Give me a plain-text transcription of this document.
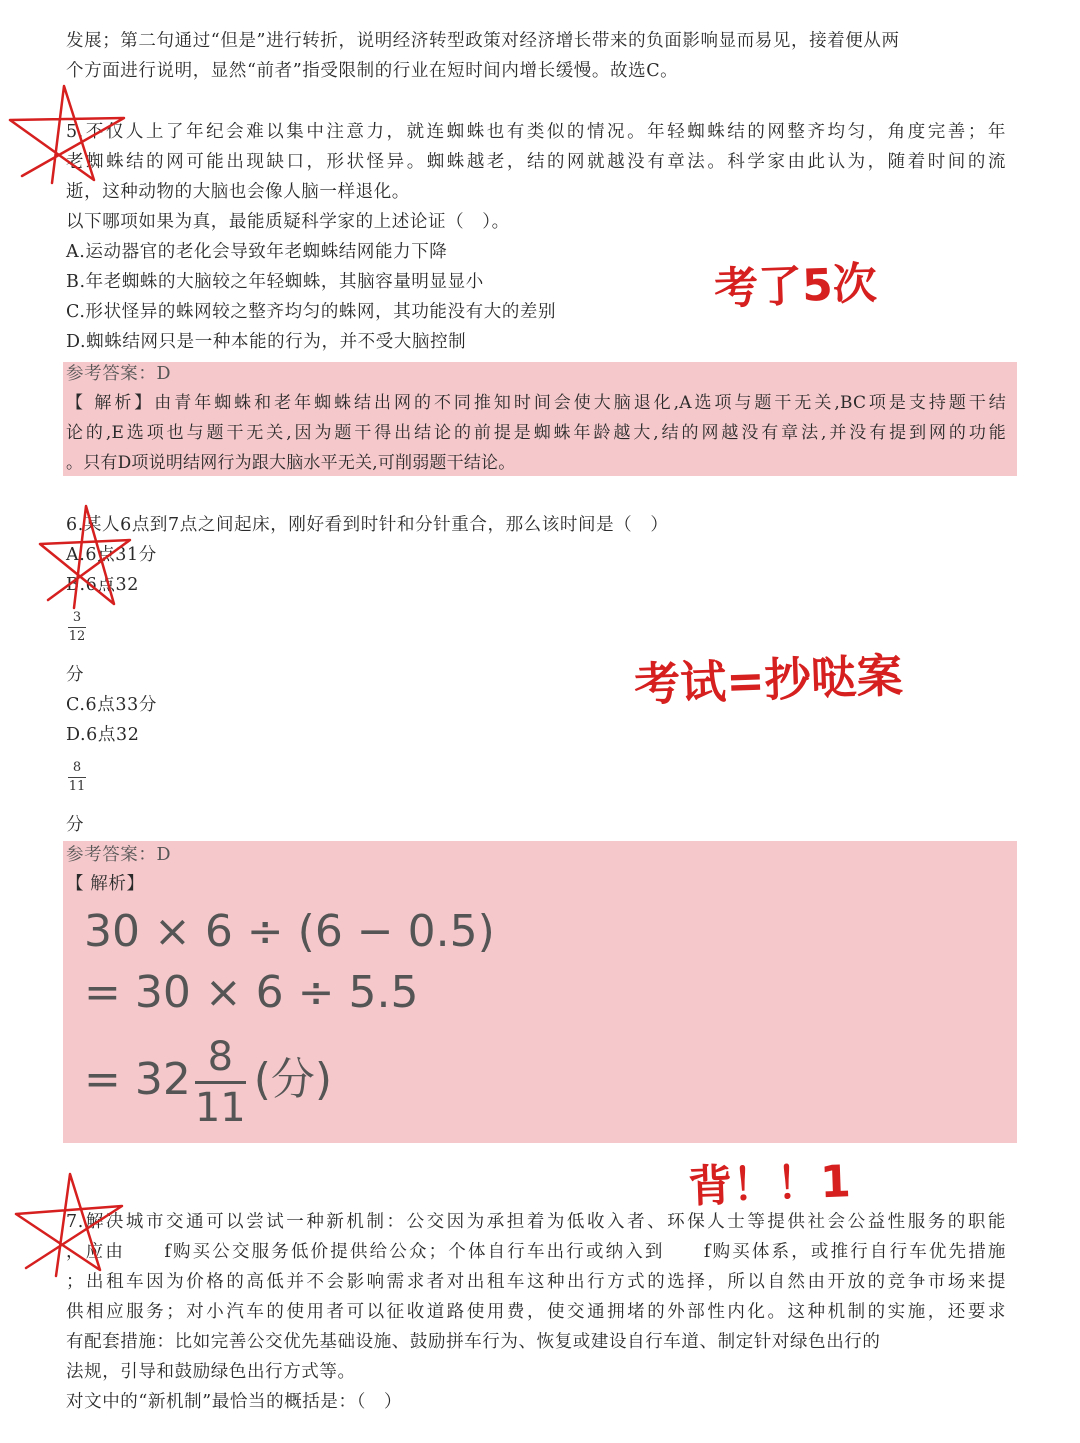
发展；第二句通过“但是”进行转折，说明经济转型政策对经济增长带来的负面影响显而易见，接着便从两
个方面进行说明，显然“前者”指受限制的行业在短时间内增长缓慢。故选C。
5.不仅人上了年纪会难以集中注意力，就连蜘蛛也有类似的情况。年轻蜘蛛结的网整齐均匀，角度完善；年
老蜘蛛结的网可能出现缺口，形状怪异。蜘蛛越老，结的网就越没有章法。科学家由此认为，随着时间的流
逝，这种动物的大脑也会像人脑一样退化。
以下哪项如果为真，最能质疑科学家的上述论证（　）。
A.运动器官的老化会导致年老蜘蛛结网能力下降
B.年老蜘蛛的大脑较之年轻蜘蛛，其脑容量明显显小
C.形状怪异的蛛网较之整齐均匀的蛛网，其功能没有大的差别
D.蜘蛛结网只是一种本能的行为，并不受大脑控制
参考答案：D
【 解析】由青年蜘蛛和老年蜘蛛结出网的不同推知时间会使大脑退化,A选项与题干无关,BC项是支持题干结
论的,E选项也与题干无关,因为题干得出结论的前提是蜘蛛年龄越大,结的网越没有章法,并没有提到网的功能
。只有D项说明结网行为跟大脑水平无关,可削弱题干结论。
6.某人6点到7点之间起床，刚好看到时针和分针重合，那么该时间是（　）
A.6点31分
B.6点32
3
12
分
C.6点33分
D.6点32
8
11
分
参考答案：D
【 解析】
30 × 6 ÷ (6 − 0.5)
= 30 × 6 ÷ 5.5
= $32 \frac{8}{11}$ (分)
7.解决城市交通可以尝试一种新机制：公交因为承担着为低收入者、环保人士等提供社会公益性服务的职能
，应由　　f购买公交服务低价提供给公众；个体自行车出行或纳入到　　f购买体系，或推行自行车优先措施
；出租车因为价格的高低并不会影响需求者对出租车这种出行方式的选择，所以自然由开放的竞争市场来提
供相应服务；对小汽车的使用者可以征收道路使用费，使交通拥堵的外部性内化。这种机制的实施，还要求
有配套措施：比如完善公交优先基础设施、鼓励拼车行为、恢复或建设自行车道、制定针对绿色出行的
法规，引导和鼓励绿色出行方式等。
对文中的“新机制”最恰当的概括是：（　）
考了5次
考试=抄哒案
背！！1
